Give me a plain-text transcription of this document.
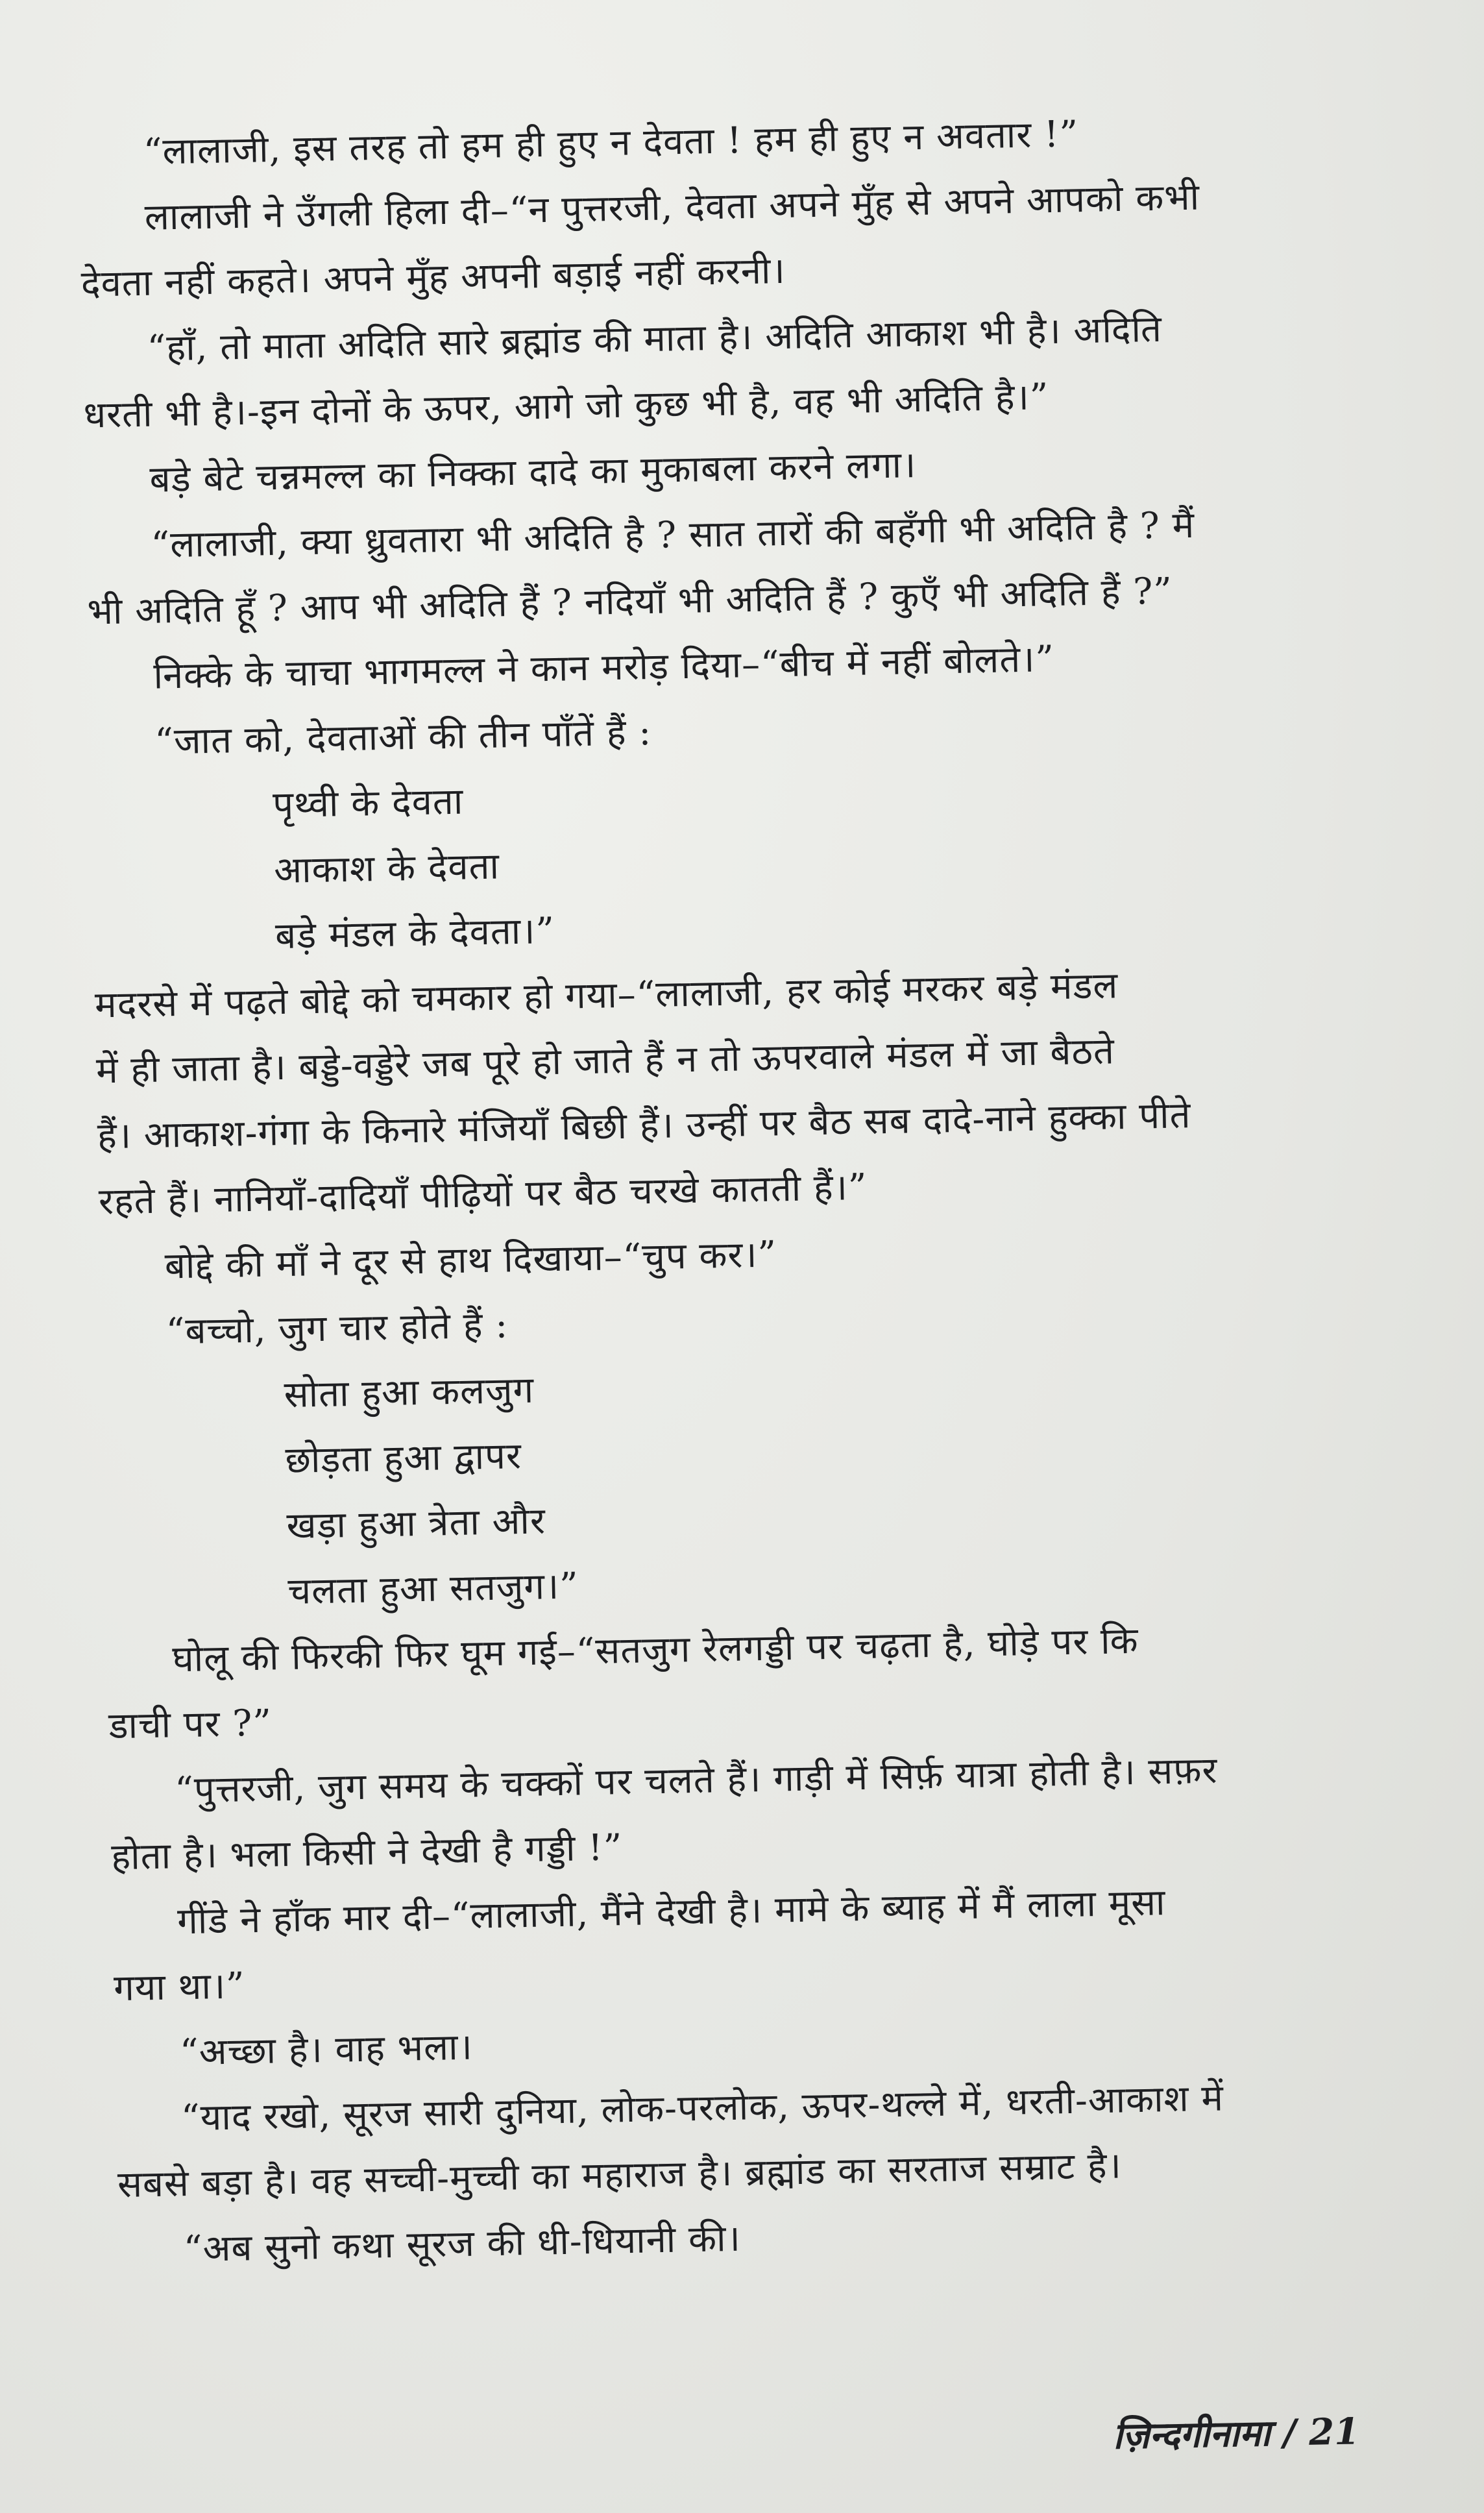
“लालाजी, इस तरह तो हम ही हुए न देवता ! हम ही हुए न अवतार !”
लालाजी ने उँगली हिला दी–“न पुत्तरजी, देवता अपने मुँह से अपने आपको कभी
देवता नहीं कहते। अपने मुँह अपनी बड़ाई नहीं करनी।
“हाँ, तो माता अदिति सारे ब्रह्मांड की माता है। अदिति आकाश भी है। अदिति
धरती भी है।-इन दोनों के ऊपर, आगे जो कुछ भी है, वह भी अदिति है।”
बड़े बेटे चन्नमल्ल का निक्का दादे का मुकाबला करने लगा।
“लालाजी, क्या ध्रुवतारा भी अदिति है ? सात तारों की बहँगी भी अदिति है ? मैं
भी अदिति हूँ ? आप भी अदिति हैं ? नदियाँ भी अदिति हैं ? कुएँ भी अदिति हैं ?”
निक्के के चाचा भागमल्ल ने कान मरोड़ दिया–“बीच में नहीं बोलते।”
“जात को, देवताओं की तीन पाँतें हैं :
पृथ्वी के देवता
आकाश के देवता
बड़े मंडल के देवता।”
मदरसे में पढ़ते बोद्दे को चमकार हो गया–“लालाजी, हर कोई मरकर बड़े मंडल
में ही जाता है। बड्डे-वड्डेरे जब पूरे हो जाते हैं न तो ऊपरवाले मंडल में जा बैठते
हैं। आकाश-गंगा के किनारे मंजियाँ बिछी हैं। उन्हीं पर बैठ सब दादे-नाने हुक्का पीते
रहते हैं। नानियाँ-दादियाँ पीढ़ियों पर बैठ चरखे कातती हैं।”
बोद्दे की माँ ने दूर से हाथ दिखाया–“चुप कर।”
“बच्चो, जुग चार होते हैं :
सोता हुआ कलजुग
छोड़ता हुआ द्वापर
खड़ा हुआ त्रेता और
चलता हुआ सतजुग।”
घोलू की फिरकी फिर घूम गई–“सतजुग रेलगड्डी पर चढ़ता है, घोड़े पर कि
डाची पर ?”
“पुत्तरजी, जुग समय के चक्कों पर चलते हैं। गाड़ी में सिर्फ़ यात्रा होती है। सफ़र
होता है। भला किसी ने देखी है गड्डी !”
गींडे ने हाँक मार दी–“लालाजी, मैंने देखी है। मामे के ब्याह में मैं लाला मूसा
गया था।”
“अच्छा है। वाह भला।
“याद रखो, सूरज सारी दुनिया, लोक-परलोक, ऊपर-थल्ले में, धरती-आकाश में
सबसे बड़ा है। वह सच्ची-मुच्ची का महाराज है। ब्रह्मांड का सरताज सम्राट है।
“अब सुनो कथा सूरज की धी-धियानी की।
ज़िन्दगीनामा / 21
